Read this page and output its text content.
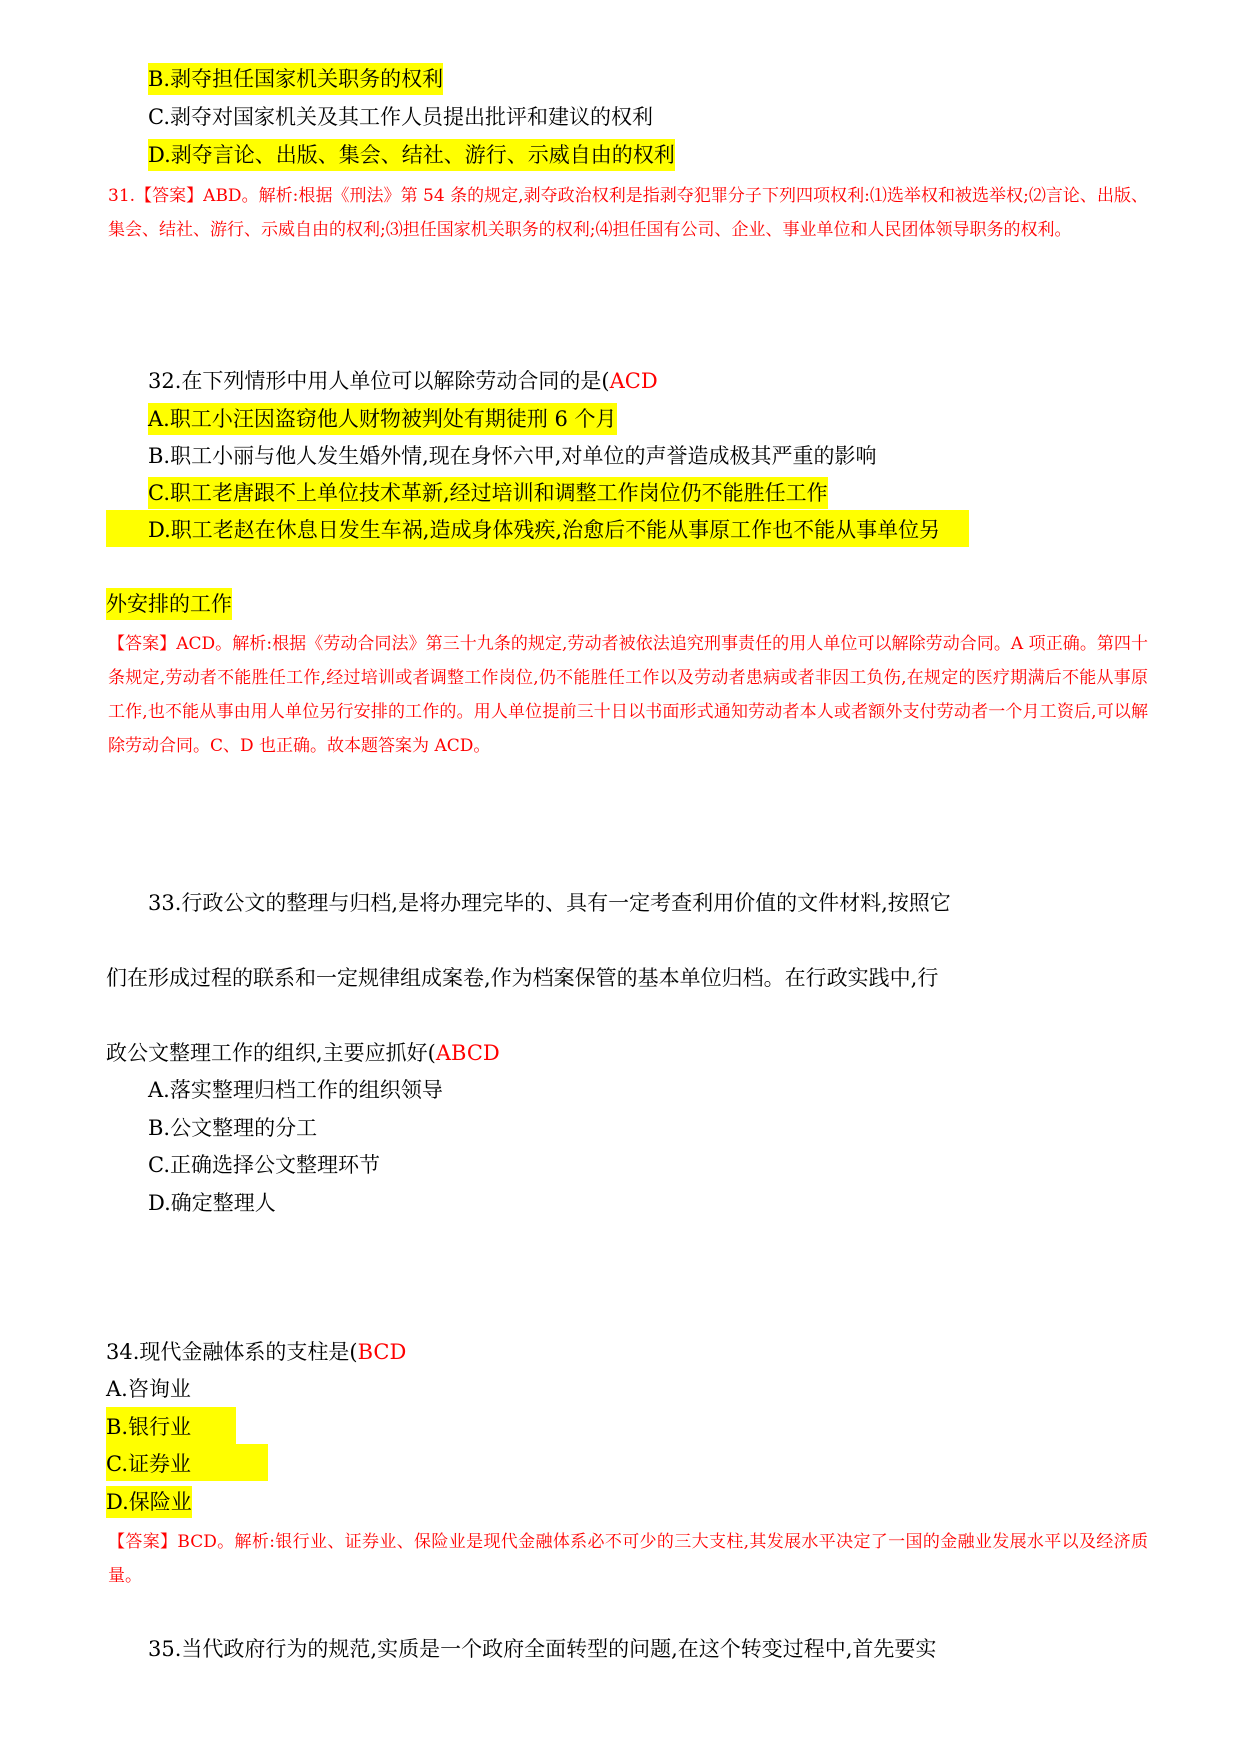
B.剥夺担任国家机关职务的权利
C.剥夺对国家机关及其工作人员提出批评和建议的权利
D.剥夺言论、出版、集会、结社、游行、示威自由的权利
31.【答案】ABD。解析:根据《刑法》第 54 条的规定,剥夺政治权利是指剥夺犯罪分子下列四项权利:⑴选举权和被选举权;⑵言论、出版、集会、结社、游行、示威自由的权利;⑶担任国家机关职务的权利;⑷担任国有公司、企业、事业单位和人民团体领导职务的权利。
32.在下列情形中用人单位可以解除劳动合同的是(ACD
A.职工小汪因盗窃他人财物被判处有期徒刑 6 个月
B.职工小丽与他人发生婚外情,现在身怀六甲,对单位的声誉造成极其严重的影响
C.职工老唐跟不上单位技术革新,经过培训和调整工作岗位仍不能胜任工作
D.职工老赵在休息日发生车祸,造成身体残疾,治愈后不能从事原工作也不能从事单位另
外安排的工作
【答案】ACD。解析:根据《劳动合同法》第三十九条的规定,劳动者被依法追究刑事责任的用人单位可以解除劳动合同。A 项正确。第四十条规定,劳动者不能胜任工作,经过培训或者调整工作岗位,仍不能胜任工作以及劳动者患病或者非因工负伤,在规定的医疗期满后不能从事原工作,也不能从事由用人单位另行安排的工作的。用人单位提前三十日以书面形式通知劳动者本人或者额外支付劳动者一个月工资后,可以解除劳动合同。C、D 也正确。故本题答案为 ACD。
33.行政公文的整理与归档,是将办理完毕的、具有一定考查利用价值的文件材料,按照它
们在形成过程的联系和一定规律组成案卷,作为档案保管的基本单位归档。在行政实践中,行
政公文整理工作的组织,主要应抓好(ABCD
A.落实整理归档工作的组织领导
B.公文整理的分工
C.正确选择公文整理环节
D.确定整理人
34.现代金融体系的支柱是(BCD
A.咨询业
B.银行业
C.证券业
D.保险业
【答案】BCD。解析:银行业、证券业、保险业是现代金融体系必不可少的三大支柱,其发展水平决定了一国的金融业发展水平以及经济质量。
35.当代政府行为的规范,实质是一个政府全面转型的问题,在这个转变过程中,首先要实
